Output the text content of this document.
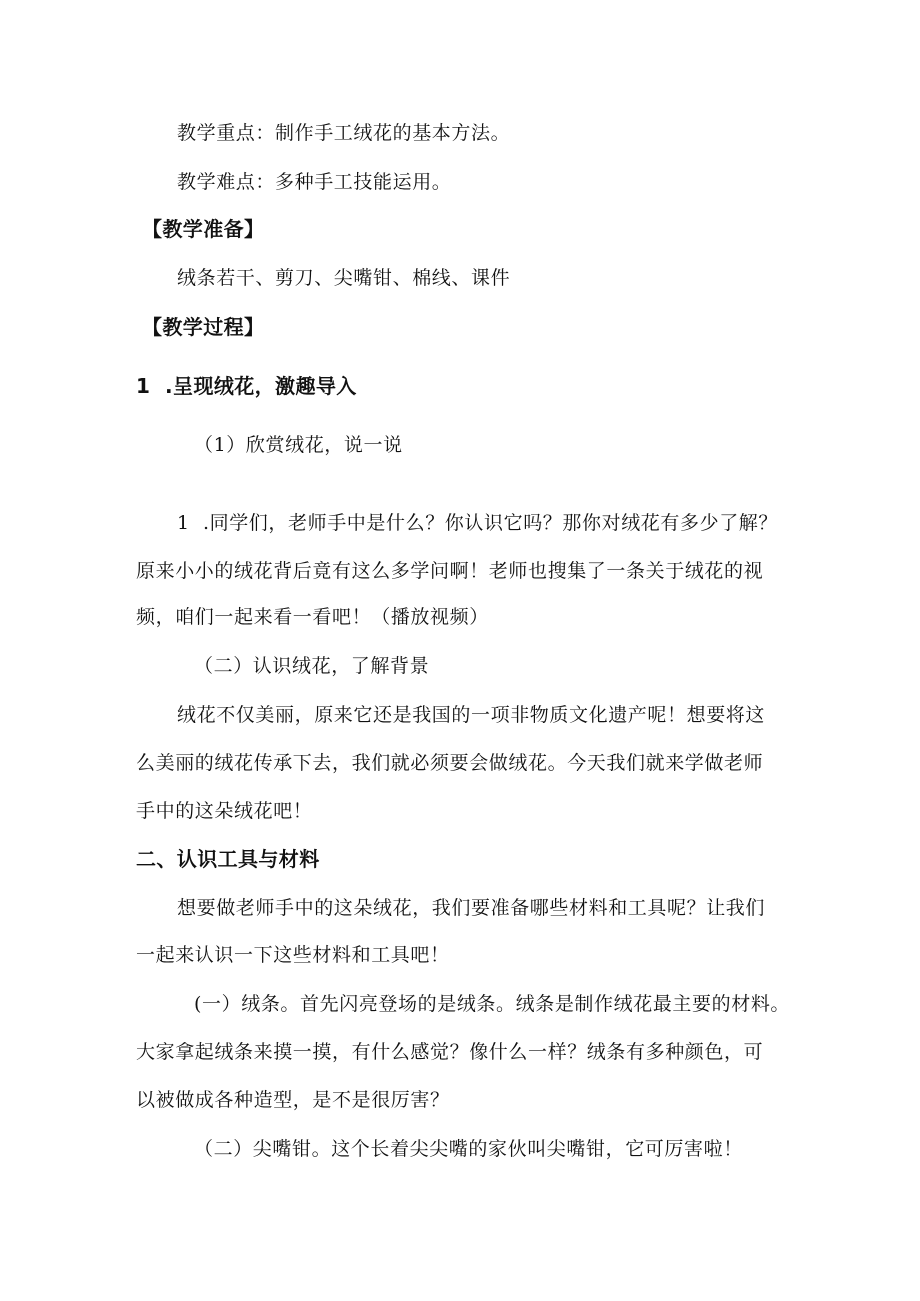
教学重点：制作手工绒花的基本方法。
教学难点：多种手工技能运用。
【教学准备】
绒条若干、剪刀、尖嘴钳、棉线、课件
【教学过程】
1  .呈现绒花，激趣导入
（1）欣赏绒花，说一说
1  .同学们，老师手中是什么？你认识它吗？那你对绒花有多少了解？
原来小小的绒花背后竟有这么多学问啊！老师也搜集了一条关于绒花的视
频，咱们一起来看一看吧！（播放视频）
（二）认识绒花，了解背景
绒花不仅美丽，原来它还是我国的一项非物质文化遗产呢！想要将这
么美丽的绒花传承下去，我们就必须要会做绒花。今天我们就来学做老师
手中的这朵绒花吧！
二、认识工具与材料
想要做老师手中的这朵绒花，我们要准备哪些材料和工具呢？让我们
一起来认识一下这些材料和工具吧！
(一）绒条。首先闪亮登场的是绒条。绒条是制作绒花最主要的材料。
大家拿起绒条来摸一摸，有什么感觉？像什么一样？绒条有多种颜色，可
以被做成各种造型，是不是很厉害？
（二）尖嘴钳。这个长着尖尖嘴的家伙叫尖嘴钳，它可厉害啦！
